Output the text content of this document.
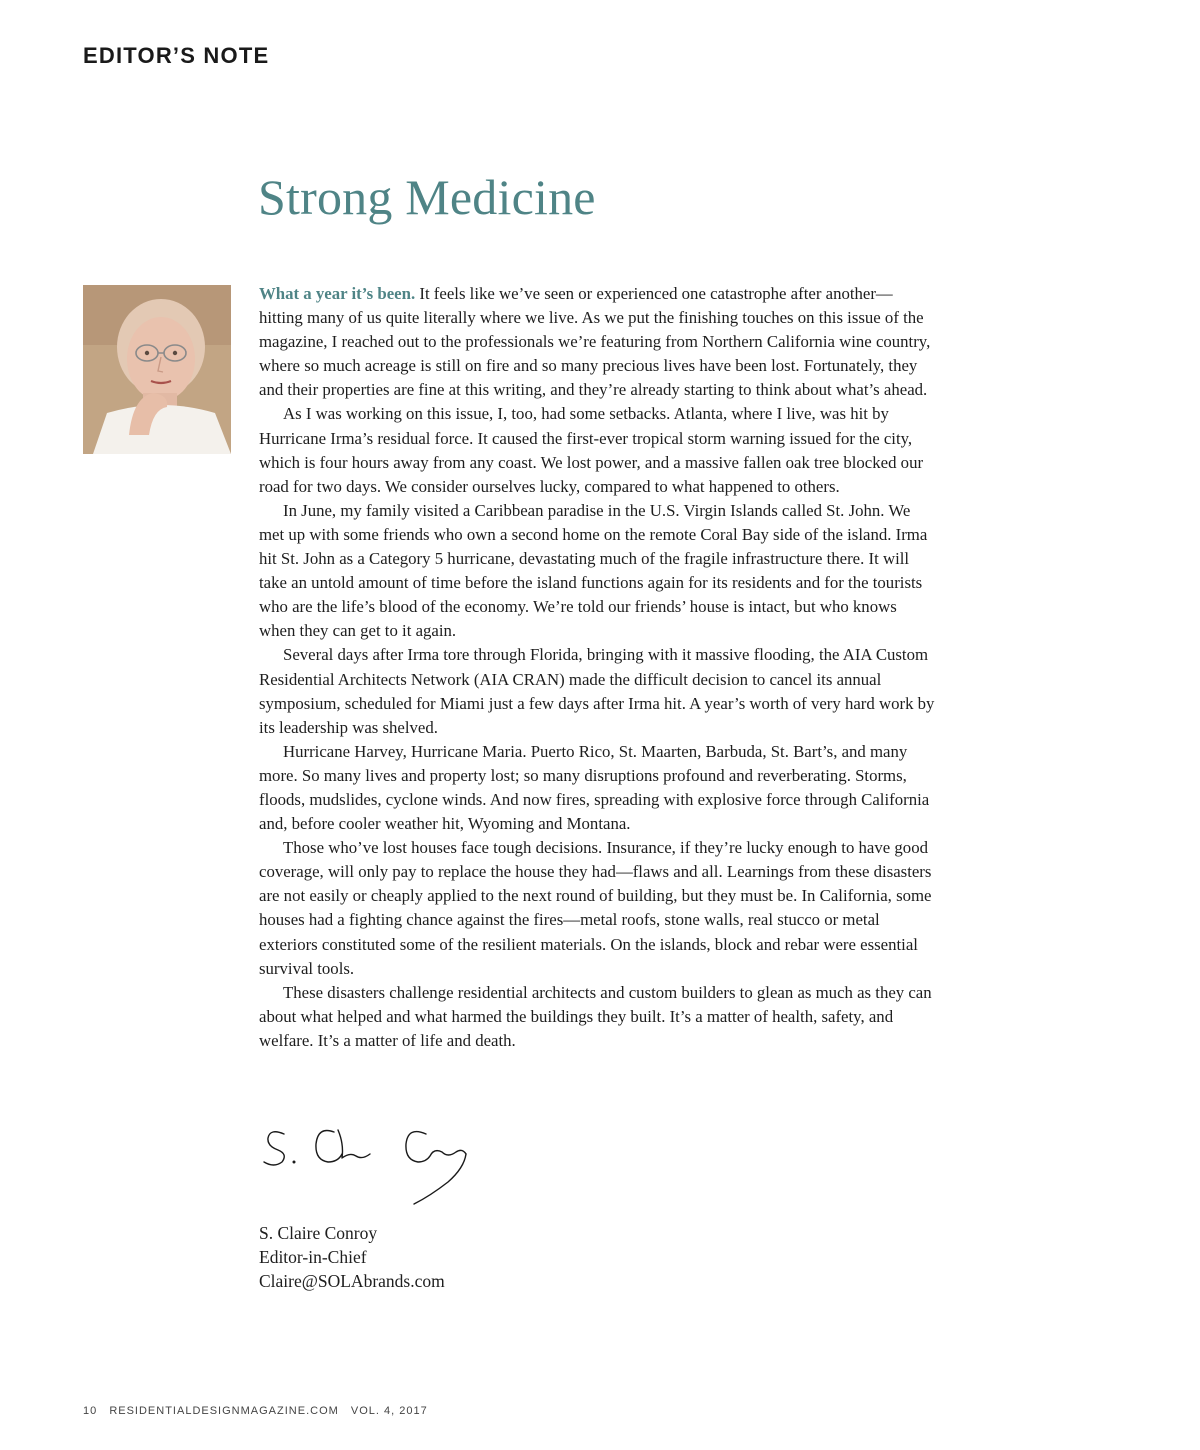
EDITOR’S NOTE
Strong Medicine

What a year it’s been. It feels like we’ve seen or experienced one catastrophe after another—hitting many of us quite literally where we live. As we put the finishing touches on this issue of the magazine, I reached out to the professionals we’re featuring from Northern California wine country, where so much acreage is still on fire and so many precious lives have been lost. Fortunately, they and their properties are fine at this writing, and they’re already starting to think about what’s ahead.

As I was working on this issue, I, too, had some setbacks. Atlanta, where I live, was hit by Hurricane Irma’s residual force. It caused the first-ever tropical storm warning issued for the city, which is four hours away from any coast. We lost power, and a massive fallen oak tree blocked our road for two days. We consider ourselves lucky, compared to what happened to others.

In June, my family visited a Caribbean paradise in the U.S. Virgin Islands called St. John. We met up with some friends who own a second home on the remote Coral Bay side of the island. Irma hit St. John as a Category 5 hurricane, devastating much of the fragile infrastructure there. It will take an untold amount of time before the island functions again for its residents and for the tourists who are the life’s blood of the economy. We’re told our friends’ house is intact, but who knows when they can get to it again.

Several days after Irma tore through Florida, bringing with it massive flooding, the AIA Custom Residential Architects Network (AIA CRAN) made the difficult decision to cancel its annual symposium, scheduled for Miami just a few days after Irma hit. A year’s worth of very hard work by its leadership was shelved.

Hurricane Harvey, Hurricane Maria. Puerto Rico, St. Maarten, Barbuda, St. Bart’s, and many more. So many lives and property lost; so many disruptions profound and reverberating. Storms, floods, mudslides, cyclone winds. And now fires, spreading with explosive force through California and, before cooler weather hit, Wyoming and Montana.

Those who’ve lost houses face tough decisions. Insurance, if they’re lucky enough to have good coverage, will only pay to replace the house they had—flaws and all. Learnings from these disasters are not easily or cheaply applied to the next round of building, but they must be. In California, some houses had a fighting chance against the fires—metal roofs, stone walls, real stucco or metal exteriors constituted some of the resilient materials. On the islands, block and rebar were essential survival tools.

These disasters challenge residential architects and custom builders to glean as much as they can about what helped and what harmed the buildings they built. It’s a matter of health, safety, and welfare. It’s a matter of life and death.

S. Claire Conroy
Editor-in-Chief
Claire@SOLAbrands.com
10 RESIDENTIALDESIGNMAGAZINE.COM VOL. 4, 2017
